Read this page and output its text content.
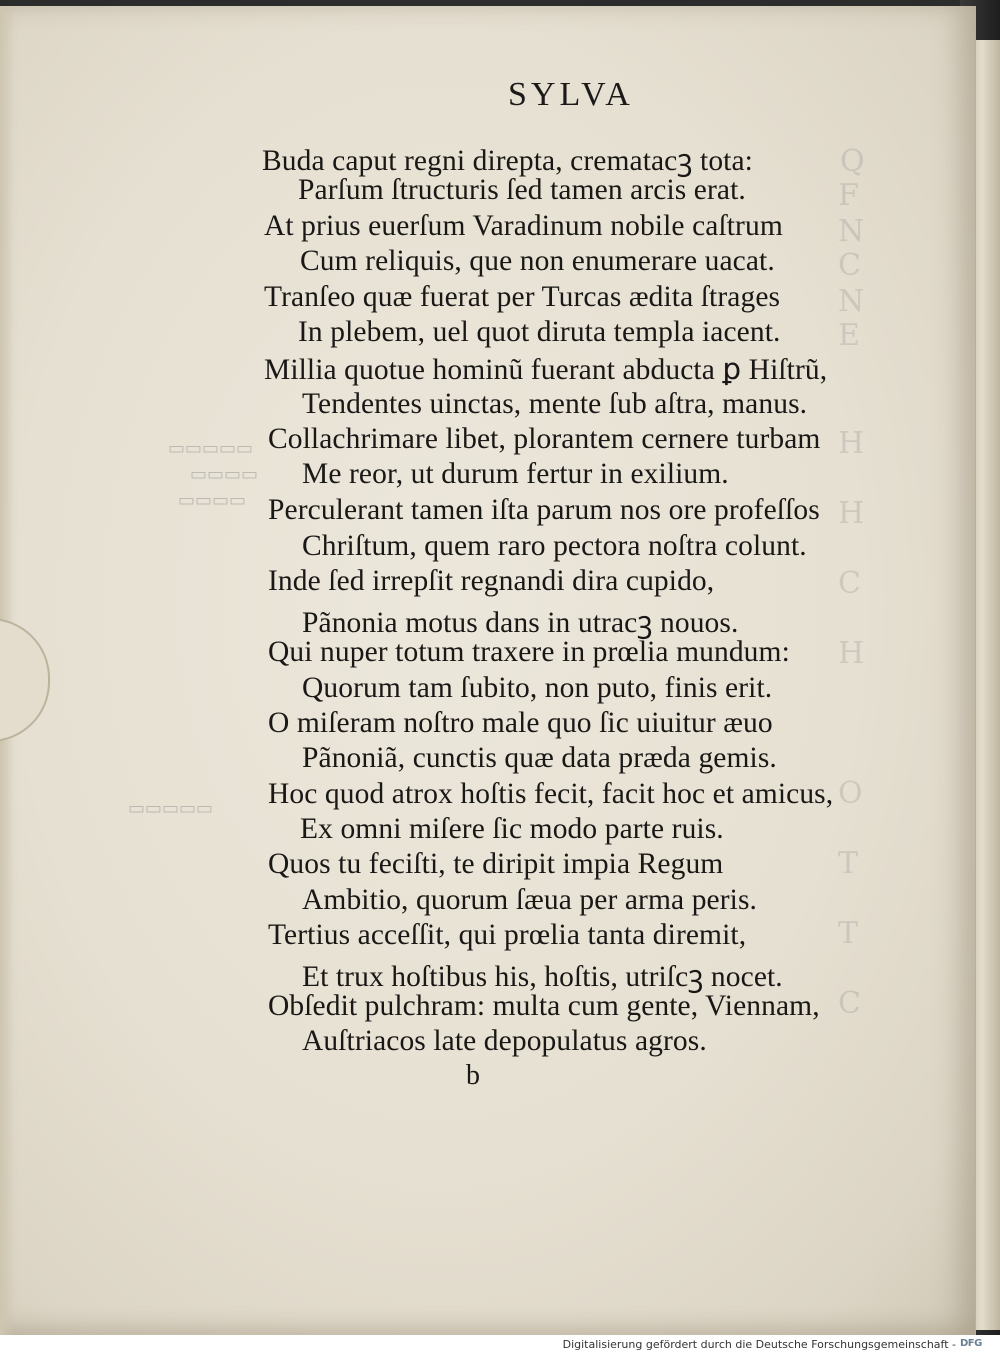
Q
F
N
C
N
E
H
H
C
H
O
T
T
C
▭▭▭▭▭
▭▭▭▭
▭▭▭▭
▭▭▭▭▭
SYLVA
Buda caput regni direpta, crematacꝫ tota:
Parſum ſtructuris ſed tamen arcis erat.
At prius euerſum Varadinum nobile caſtrum
Cum reliquis, que non enumerare uacat.
Tranſeo quæ fuerat per Turcas ædita ſtrages
In plebem, uel quot diruta templa iacent.
Millia quotue hominũ fuerant abducta ꝑ Hiſtrũ,
Tendentes uinctas, mente ſub aſtra, manus.
Collachrimare libet, plorantem cernere turbam
Me reor, ut durum fertur in exilium.
Perculerant tamen iſta parum nos ore profeſſos
Chriſtum, quem raro pectora noſtra colunt.
Inde ſed irrepſit regnandi dira cupido,
Pãnonia motus dans in utracꝫ nouos.
Qui nuper totum traxere in prœlia mundum:
Quorum tam ſubito, non puto, finis erit.
O miſeram noſtro male quo ſic uiuitur æuo
Pãnoniã, cunctis quæ data præda gemis.
Hoc quod atrox hoſtis fecit, facit hoc et amicus,
Ex omni miſere ſic modo parte ruis.
Quos tu feciſti, te diripit impia Regum
Ambitio, quorum ſæua per arma peris.
Tertius acceſſit, qui prœlia tanta diremit,
Et trux hoſtibus his, hoſtis, utriſcꝫ nocet.
Obſedit pulchram: multa cum gente, Viennam,
Auſtriacos late depopulatus agros.
b
Digitalisierung gefördert durch die Deutsche Forschungsgemeinschaft - DFG
